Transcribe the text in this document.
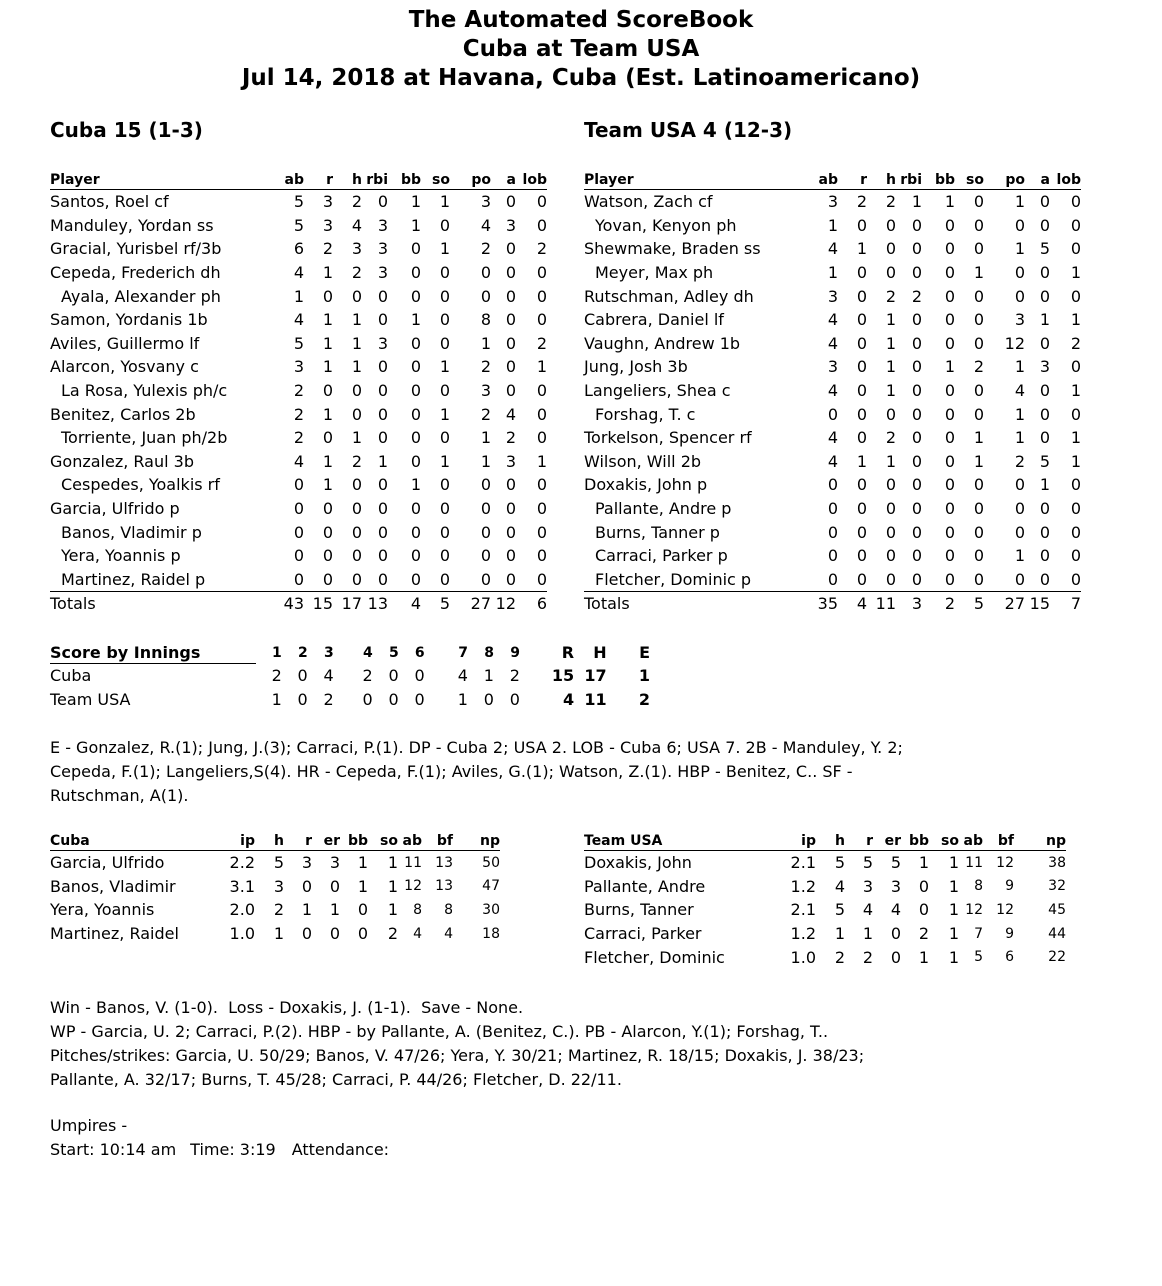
The Automated ScoreBook
Cuba at Team USA
Jul 14, 2018 at Havana, Cuba (Est. Latinoamericano)
Cuba 15 (1-3)	Team USA 4 (12-3)
Player	ab	r	h	rbi	bb	so	po	a	lob
Santos, Roel cf	5	3	2	0	1	1	3	0	0
Manduley, Yordan ss	5	3	4	3	1	0	4	3	0
Gracial, Yurisbel rf/3b	6	2	3	3	0	1	2	0	2
Cepeda, Frederich dh	4	1	2	3	0	0	0	0	0
Ayala, Alexander ph	1	0	0	0	0	0	0	0	0
Samon, Yordanis 1b	4	1	1	0	1	0	8	0	0
Aviles, Guillermo lf	5	1	1	3	0	0	1	0	2
Alarcon, Yosvany c	3	1	1	0	0	1	2	0	1
La Rosa, Yulexis ph/c	2	0	0	0	0	0	3	0	0
Benitez, Carlos 2b	2	1	0	0	0	1	2	4	0
Torriente, Juan ph/2b	2	0	1	0	0	0	1	2	0
Gonzalez, Raul 3b	4	1	2	1	0	1	1	3	1
Cespedes, Yoalkis rf	0	1	0	0	1	0	0	0	0
Garcia, Ulfrido p	0	0	0	0	0	0	0	0	0
Banos, Vladimir p	0	0	0	0	0	0	0	0	0
Yera, Yoannis p	0	0	0	0	0	0	0	0	0
Martinez, Raidel p	0	0	0	0	0	0	0	0	0
Totals	43	15	17	13	4	5	27	12	6
Player	ab	r	h	rbi	bb	so	po	a	lob
Watson, Zach cf	3	2	2	1	1	0	1	0	0
Yovan, Kenyon ph	1	0	0	0	0	0	0	0	0
Shewmake, Braden ss	4	1	0	0	0	0	1	5	0
Meyer, Max ph	1	0	0	0	0	1	0	0	1
Rutschman, Adley dh	3	0	2	2	0	0	0	0	0
Cabrera, Daniel lf	4	0	1	0	0	0	3	1	1
Vaughn, Andrew 1b	4	0	1	0	0	0	12	0	2
Jung, Josh 3b	3	0	1	0	1	2	1	3	0
Langeliers, Shea c	4	0	1	0	0	0	4	0	1
Forshag, T. c	0	0	0	0	0	0	1	0	0
Torkelson, Spencer rf	4	0	2	0	0	1	1	0	1
Wilson, Will 2b	4	1	1	0	0	1	2	5	1
Doxakis, John p	0	0	0	0	0	0	0	1	0
Pallante, Andre p	0	0	0	0	0	0	0	0	0
Burns, Tanner p	0	0	0	0	0	0	0	0	0
Carraci, Parker p	0	0	0	0	0	0	1	0	0
Fletcher, Dominic p	0	0	0	0	0	0	0	0	0
Totals	35	4	11	3	2	5	27	15	7
Score by Innings	1	2	3	4	5	6	7	8	9	R	H	E
Cuba	2	0	4	2	0	0	4	1	2	15	17	1
Team USA	1	0	2	0	0	0	1	0	0	4	11	2

E - Gonzalez, R.(1); Jung, J.(3); Carraci, P.(1). DP - Cuba 2; USA 2. LOB - Cuba 6; USA 7. 2B - Manduley, Y. 2;

Cepeda, F.(1); Langeliers,S(4). HR - Cepeda, F.(1); Aviles, G.(1); Watson, Z.(1). HBP - Benitez, C.. SF -

Rutschman, A(1).

Cuba	ip	h	r	er	bb	so	ab	bf	np
Garcia, Ulfrido	2.2	5	3	3	1	1	11	13	50
Banos, Vladimir	3.1	3	0	0	1	1	12	13	47
Yera, Yoannis	2.0	2	1	1	0	1	8	8	30
Martinez, Raidel	1.0	1	0	0	0	2	4	4	18
Team USA	ip	h	r	er	bb	so	ab	bf	np
Doxakis, John	2.1	5	5	5	1	1	11	12	38
Pallante, Andre	1.2	4	3	3	0	1	8	9	32
Burns, Tanner	2.1	5	4	4	0	1	12	12	45
Carraci, Parker	1.2	1	1	0	2	1	7	9	44
Fletcher, Dominic	1.0	2	2	0	1	1	5	6	22

Win - Banos, V. (1-0).  Loss - Doxakis, J. (1-1).  Save - None.

WP - Garcia, U. 2; Carraci, P.(2). HBP - by Pallante, A. (Benitez, C.). PB - Alarcon, Y.(1); Forshag, T..

Pitches/strikes: Garcia, U. 50/29; Banos, V. 47/26; Yera, Y. 30/21; Martinez, R. 18/15; Doxakis, J. 38/23;

Pallante, A. 32/17; Burns, T. 45/28; Carraci, P. 44/26; Fletcher, D. 22/11.

Umpires -

Start: 10:14 am Time: 3:19 Attendance:
